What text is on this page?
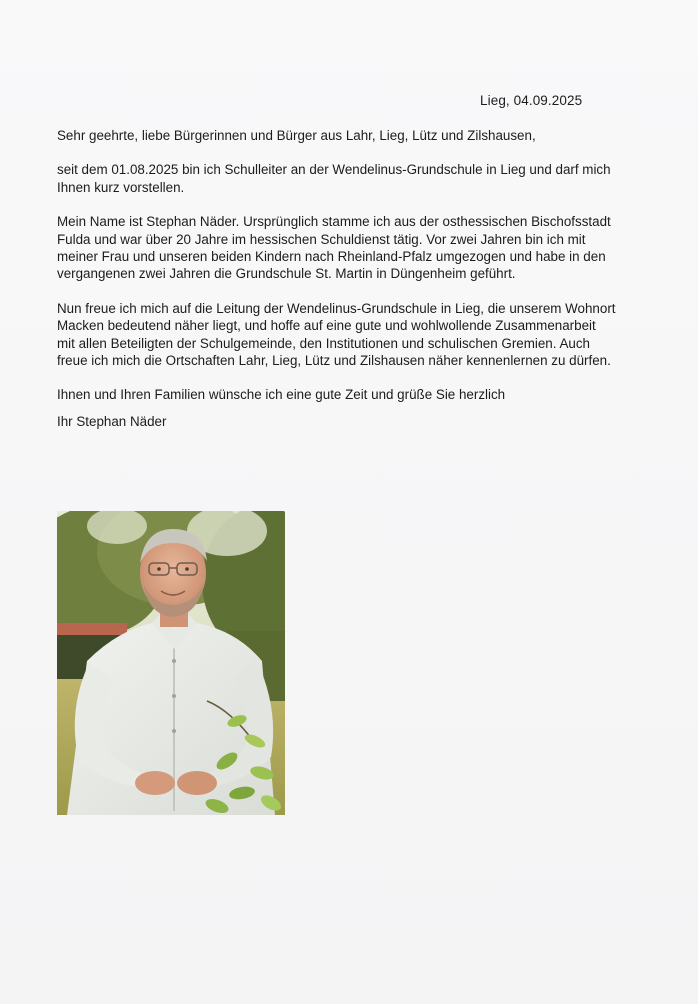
Lieg, 04.09.2025

Sehr geehrte, liebe Bürgerinnen und Bürger aus Lahr, Lieg, Lütz und Zilshausen,

seit dem 01.08.2025 bin ich Schulleiter an der Wendelinus-Grundschule in Lieg und darf mich Ihnen kurz vorstellen.

Mein Name ist Stephan Näder. Ursprünglich stamme ich aus der osthessischen Bischofsstadt Fulda und war über 20 Jahre im hessischen Schuldienst tätig. Vor zwei Jahren bin ich mit meiner Frau und unseren beiden Kindern nach Rheinland-Pfalz umgezogen und habe in den vergangenen zwei Jahren die Grundschule St. Martin in Düngenheim geführt.

Nun freue ich mich auf die Leitung der Wendelinus-Grundschule in Lieg, die unserem Wohnort Macken bedeutend näher liegt, und hoffe auf eine gute und wohlwollende Zusammenarbeit mit allen Beteiligten der Schulgemeinde, den Institutionen und schulischen Gremien. Auch freue ich mich die Ortschaften Lahr, Lieg, Lütz und Zilshausen näher kennenlernen zu dürfen.

Ihnen und Ihren Familien wünsche ich eine gute Zeit und grüße Sie herzlich

Ihr Stephan Näder
